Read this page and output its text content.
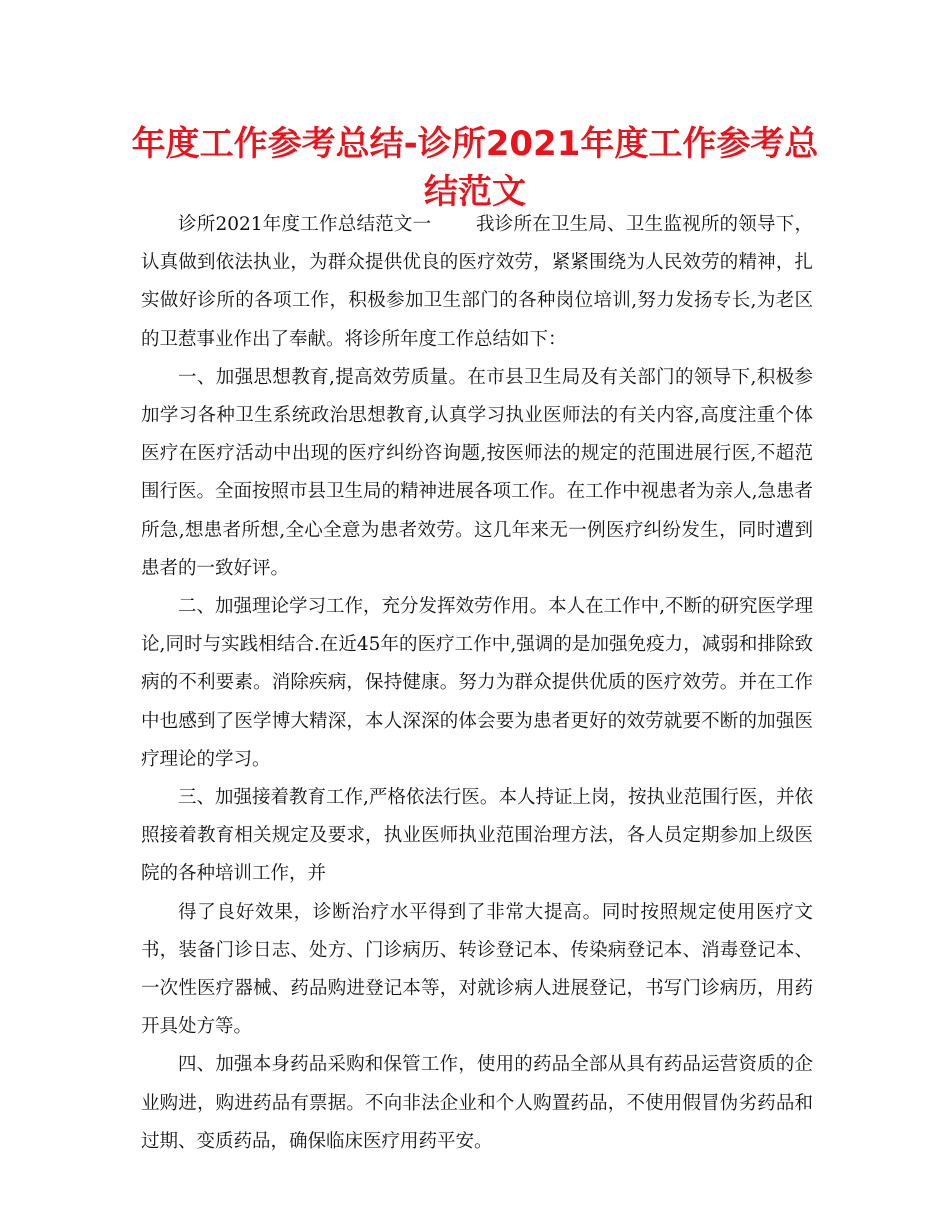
年度工作参考总结-诊所2021年度工作参考总结范文

诊所2021年度工作总结范文一 我诊所在卫生局、卫生监视所的领导下，认真做到依法执业，为群众提供优良的医疗效劳，紧紧围绕为人民效劳的精神，扎实做好诊所的各项工作，积极参加卫生部门的各种岗位培训,努力发扬专长,为老区的卫惹事业作出了奉献。将诊所年度工作总结如下：

一、加强思想教育,提高效劳质量。在市县卫生局及有关部门的领导下,积极参加学习各种卫生系统政治思想教育,认真学习执业医师法的有关内容,高度注重个体医疗在医疗活动中出现的医疗纠纷咨询题,按医师法的规定的范围进展行医,不超范围行医。全面按照市县卫生局的精神进展各项工作。在工作中视患者为亲人,急患者所急,想患者所想,全心全意为患者效劳。这几年来无一例医疗纠纷发生，同时遭到患者的一致好评。

二、加强理论学习工作，充分发挥效劳作用。本人在工作中,不断的研究医学理论,同时与实践相结合.在近45年的医疗工作中,强调的是加强免疫力，减弱和排除致病的不利要素。消除疾病，保持健康。努力为群众提供优质的医疗效劳。并在工作中也感到了医学博大精深，本人深深的体会要为患者更好的效劳就要不断的加强医疗理论的学习。

三、加强接着教育工作,严格依法行医。本人持证上岗，按执业范围行医，并依照接着教育相关规定及要求，执业医师执业范围治理方法，各人员定期参加上级医院的各种培训工作，并

得了良好效果，诊断治疗水平得到了非常大提高。同时按照规定使用医疗文书，装备门诊日志、处方、门诊病历、转诊登记本、传染病登记本、消毒登记本、一次性医疗器械、药品购进登记本等，对就诊病人进展登记，书写门诊病历，用药开具处方等。

四、加强本身药品采购和保管工作，使用的药品全部从具有药品运营资质的企业购进，购进药品有票据。不向非法企业和个人购置药品，不使用假冒伪劣药品和过期、变质药品，确保临床医疗用药平安。
